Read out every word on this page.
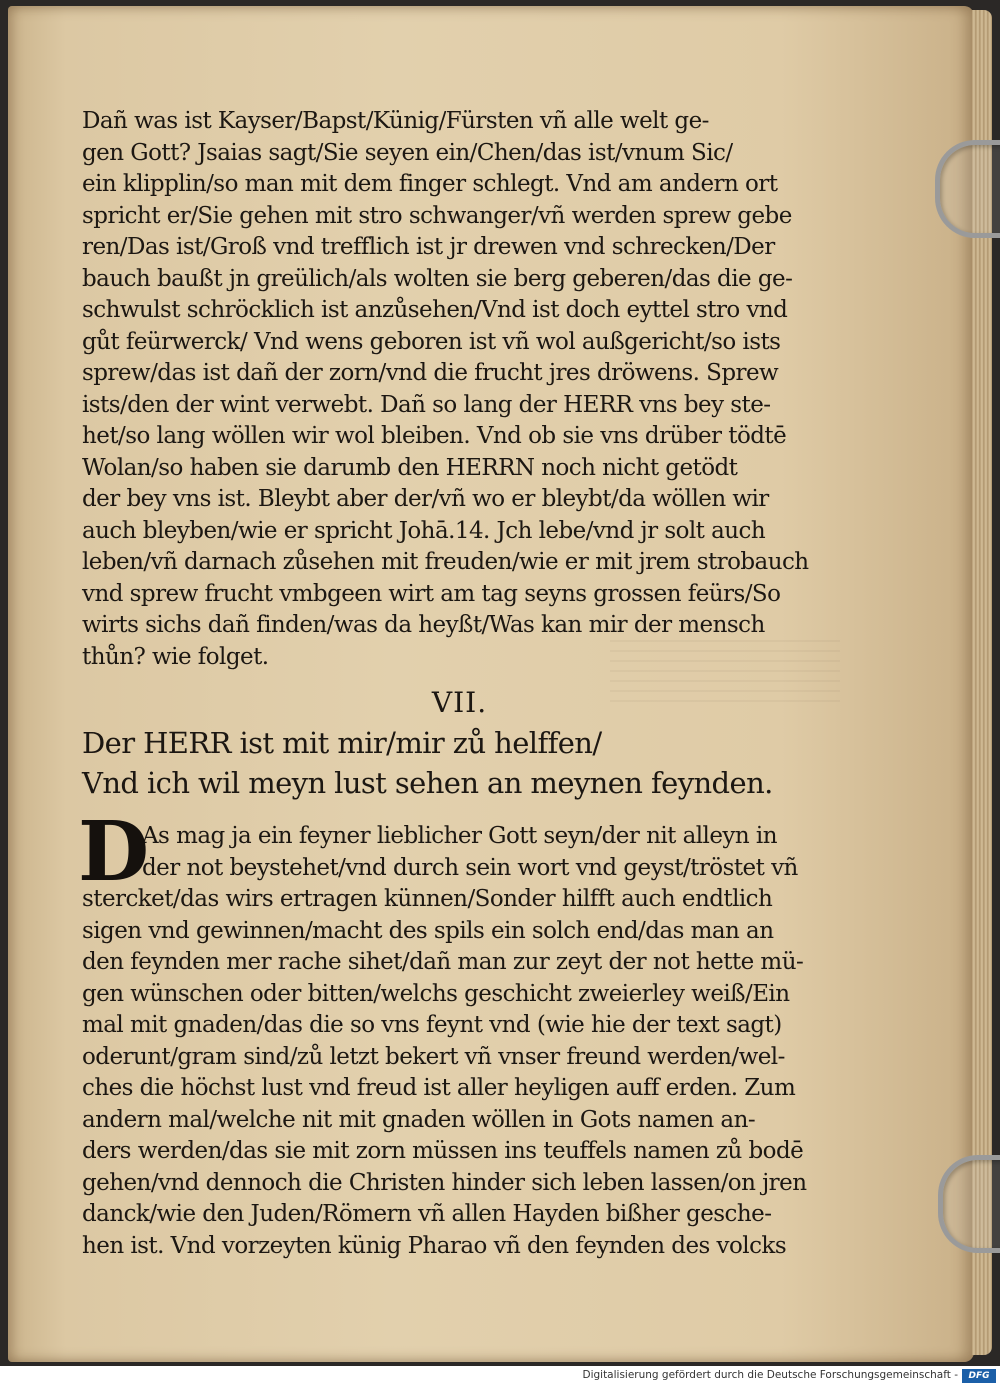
Dañ was ist Kayser/Bapst/Künig/Fürsten vñ alle welt ge-
gen Gott? Jsaias sagt/Sie seyen ein/Chen/das ist/vnum Sic/
ein klipplin/so man mit dem finger schlegt. Vnd am andern ort
spricht er/Sie gehen mit stro schwanger/vñ werden sprew gebe
ren/Das ist/Groß vnd trefflich ist jr drewen vnd schrecken/Der
bauch baußt jn greülich/als wolten sie berg geberen/das die ge-
schwulst schröcklich ist anzůsehen/Vnd ist doch eyttel stro vnd
gůt feürwerck/ Vnd wens geboren ist vñ wol außgericht/so ists
sprew/das ist dañ der zorn/vnd die frucht jres dröwens. Sprew
ists/den der wint verwebt. Dañ so lang der HERR vns bey ste-
het/so lang wöllen wir wol bleiben. Vnd ob sie vns drüber tödtē
Wolan/so haben sie darumb den HERRN noch nicht getödt
der bey vns ist. Bleybt aber der/vñ wo er bleybt/da wöllen wir
auch bleyben/wie er spricht Johā.14. Jch lebe/vnd jr solt auch
leben/vñ darnach zůsehen mit freuden/wie er mit jrem strobauch
vnd sprew frucht vmbgeen wirt am tag seyns grossen feürs/So
wirts sichs dañ finden/was da heyßt/Was kan mir der mensch
thůn? wie folget.
VII.
Der HERR ist mit mir/mir zů helffen/
Vnd ich wil meyn lust sehen an meynen feynden.
D
As mag ja ein feyner lieblicher Gott seyn/der nit alleyn in
der not beystehet/vnd durch sein wort vnd geyst/tröstet vñ
stercket/das wirs ertragen künnen/Sonder hilfft auch endtlich
sigen vnd gewinnen/macht des spils ein solch end/das man an
den feynden mer rache sihet/dañ man zur zeyt der not hette mü-
gen wünschen oder bitten/welchs geschicht zweierley weiß/Ein
mal mit gnaden/das die so vns feynt vnd (wie hie der text sagt)
oderunt/gram sind/zů letzt bekert vñ vnser freund werden/wel-
ches die höchst lust vnd freud ist aller heyligen auff erden. Zum
andern mal/welche nit mit gnaden wöllen in Gots namen an-
ders werden/das sie mit zorn müssen ins teuffels namen zů bodē
gehen/vnd dennoch die Christen hinder sich leben lassen/on jren
danck/wie den Juden/Römern vñ allen Hayden bißher gesche-
hen ist. Vnd vorzeyten künig Pharao vñ den feynden des volcks
Digitalisierung gefördert durch die Deutsche Forschungsgemeinschaft -	DFG
